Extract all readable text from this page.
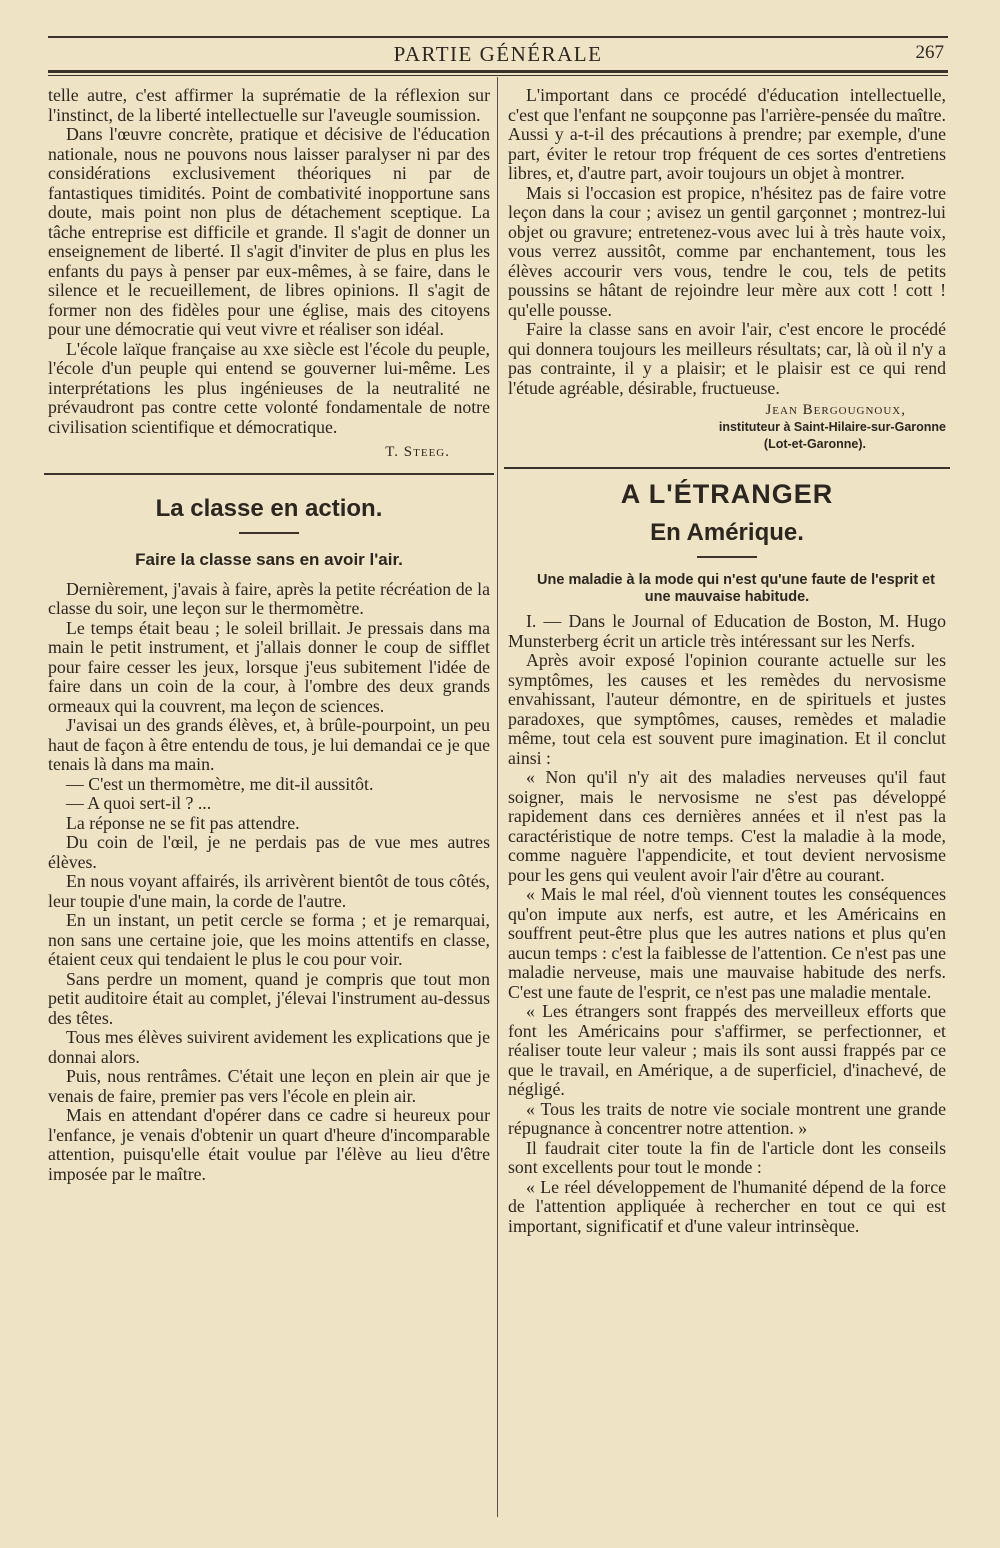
PARTIE GÉNÉRALE	267

telle autre, c'est affirmer la suprématie de la réflexion sur l'instinct, de la liberté intellectuelle sur l'aveugle soumission.

Dans l'œuvre concrète, pratique et décisive de l'éducation nationale, nous ne pouvons nous laisser paralyser ni par des considérations exclusivement théoriques ni par de fantastiques timidités. Point de combativité inopportune sans doute, mais point non plus de détachement sceptique. La tâche entreprise est difficile et grande. Il s'agit de donner un enseignement de liberté. Il s'agit d'inviter de plus en plus les enfants du pays à penser par eux-mêmes, à se faire, dans le silence et le recueillement, de libres opinions. Il s'agit de former non des fidèles pour une église, mais des citoyens pour une démocratie qui veut vivre et réaliser son idéal.

L'école laïque française au xxe siècle est l'école du peuple, l'école d'un peuple qui entend se gouverner lui-même. Les interprétations les plus ingénieuses de la neutralité ne prévaudront pas contre cette volonté fondamentale de notre civilisation scientifique et démocratique.

T. Steeg.
La classe en action.
Faire la classe sans en avoir l'air.

Dernièrement, j'avais à faire, après la petite récréation de la classe du soir, une leçon sur le thermomètre.

Le temps était beau ; le soleil brillait. Je pressais dans ma main le petit instrument, et j'allais donner le coup de sifflet pour faire cesser les jeux, lorsque j'eus subitement l'idée de faire dans un coin de la cour, à l'ombre des deux grands ormeaux qui la couvrent, ma leçon de sciences.

J'avisai un des grands élèves, et, à brûle-pourpoint, un peu haut de façon à être entendu de tous, je lui demandai ce je que tenais là dans ma main.

— C'est un thermomètre, me dit-il aussitôt.

— A quoi sert-il ? ...

La réponse ne se fit pas attendre.

Du coin de l'œil, je ne perdais pas de vue mes autres élèves.

En nous voyant affairés, ils arrivèrent bientôt de tous côtés, leur toupie d'une main, la corde de l'autre.

En un instant, un petit cercle se forma ; et je remarquai, non sans une certaine joie, que les moins attentifs en classe, étaient ceux qui tendaient le plus le cou pour voir.

Sans perdre un moment, quand je compris que tout mon petit auditoire était au complet, j'élevai l'instrument au-dessus des têtes.

Tous mes élèves suivirent avidement les explications que je donnai alors.

Puis, nous rentrâmes. C'était une leçon en plein air que je venais de faire, premier pas vers l'école en plein air.

Mais en attendant d'opérer dans ce cadre si heureux pour l'enfance, je venais d'obtenir un quart d'heure d'incomparable attention, puisqu'elle était voulue par l'élève au lieu d'être imposée par le maître.

L'important dans ce procédé d'éducation intellectuelle, c'est que l'enfant ne soupçonne pas l'arrière-pensée du maître. Aussi y a-t-il des précautions à prendre; par exemple, d'une part, éviter le retour trop fréquent de ces sortes d'entretiens libres, et, d'autre part, avoir toujours un objet à montrer.

Mais si l'occasion est propice, n'hésitez pas de faire votre leçon dans la cour ; avisez un gentil garçonnet ; montrez-lui objet ou gravure; entretenez-vous avec lui à très haute voix, vous verrez aussitôt, comme par enchantement, tous les élèves accourir vers vous, tendre le cou, tels de petits poussins se hâtant de rejoindre leur mère aux cott ! cott ! qu'elle pousse.

Faire la classe sans en avoir l'air, c'est encore le procédé qui donnera toujours les meilleurs résultats; car, là où il n'y a pas contrainte, il y a plaisir; et le plaisir est ce qui rend l'étude agréable, désirable, fructueuse.

Jean Bergougnoux,
instituteur à Saint-Hilaire-sur-Garonne
(Lot-et-Garonne).
A L'ÉTRANGER
En Amérique.

Une maladie à la mode qui n'est qu'une faute de l'esprit et une mauvaise habitude.

I. — Dans le Journal of Education de Boston, M. Hugo Munsterberg écrit un article très intéressant sur les Nerfs.

Après avoir exposé l'opinion courante actuelle sur les symptômes, les causes et les remèdes du nervosisme envahissant, l'auteur démontre, en de spirituels et justes paradoxes, que symptômes, causes, remèdes et maladie même, tout cela est souvent pure imagination. Et il conclut ainsi :

« Non qu'il n'y ait des maladies nerveuses qu'il faut soigner, mais le nervosisme ne s'est pas développé rapidement dans ces dernières années et il n'est pas la caractéristique de notre temps. C'est la maladie à la mode, comme naguère l'appendicite, et tout devient nervosisme pour les gens qui veulent avoir l'air d'être au courant.

« Mais le mal réel, d'où viennent toutes les conséquences qu'on impute aux nerfs, est autre, et les Américains en souffrent peut-être plus que les autres nations et plus qu'en aucun temps : c'est la faiblesse de l'attention. Ce n'est pas une maladie nerveuse, mais une mauvaise habitude des nerfs. C'est une faute de l'esprit, ce n'est pas une maladie mentale.

« Les étrangers sont frappés des merveilleux efforts que font les Américains pour s'affirmer, se perfectionner, et réaliser toute leur valeur ; mais ils sont aussi frappés par ce que le travail, en Amérique, a de superficiel, d'inachevé, de négligé.

« Tous les traits de notre vie sociale montrent une grande répugnance à concentrer notre attention. »

Il faudrait citer toute la fin de l'article dont les conseils sont excellents pour tout le monde :

« Le réel développement de l'humanité dépend de la force de l'attention appliquée à rechercher en tout ce qui est important, significatif et d'une valeur intrinsèque.
